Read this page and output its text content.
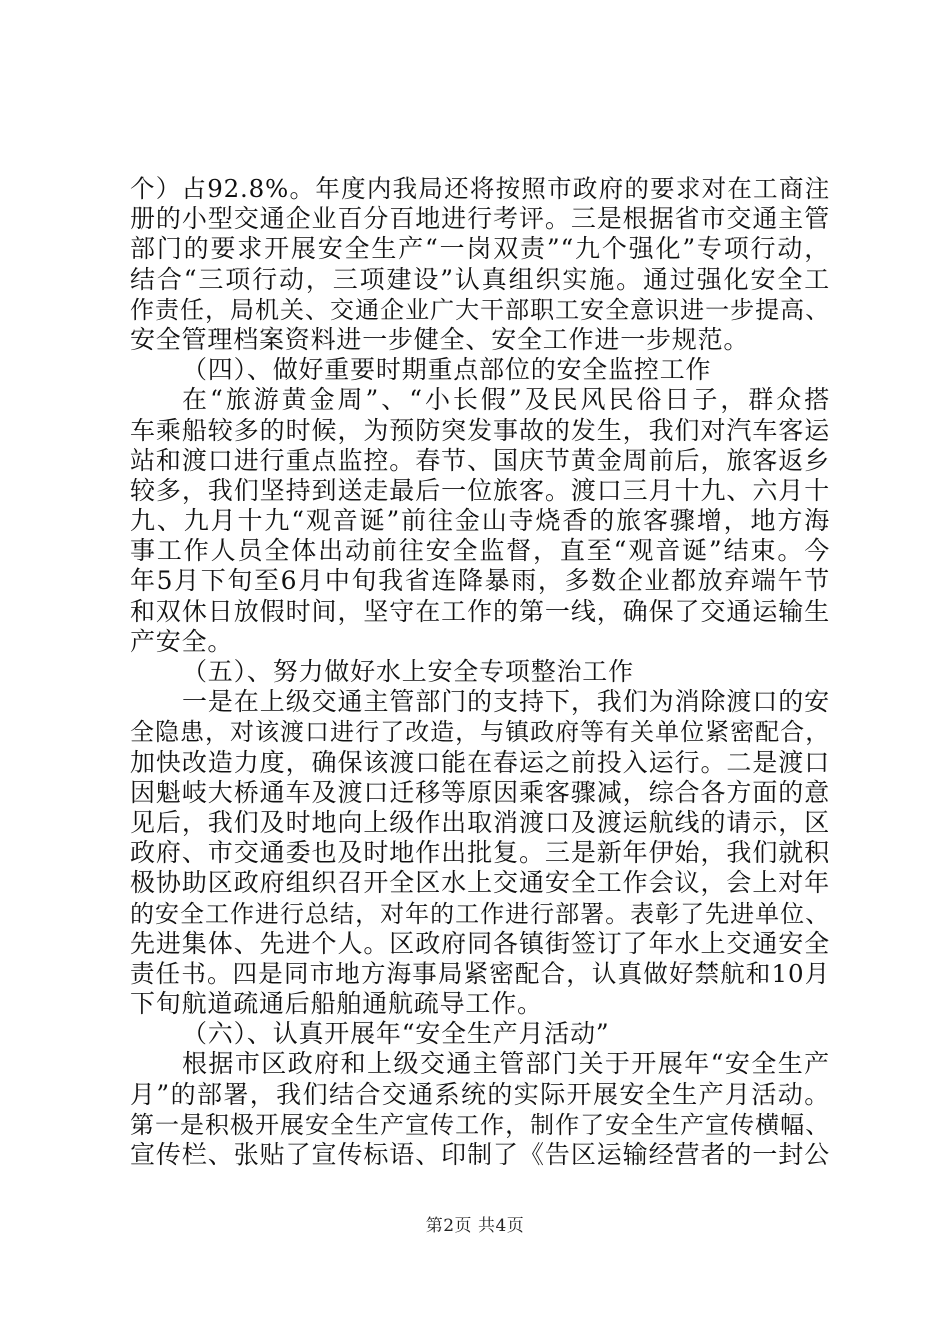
个）占92.8%。年度内我局还将按照市政府的要求对在工商注
册的小型交通企业百分百地进行考评。三是根据省市交通主管
部门的要求开展安全生产“一岗双责”“九个强化”专项行动，
结合“三项行动，三项建设”认真组织实施。通过强化安全工
作责任，局机关、交通企业广大干部职工安全意识进一步提高、
安全管理档案资料进一步健全、安全工作进一步规范。
（四）、做好重要时期重点部位的安全监控工作
在“旅游黄金周”、“小长假”及民风民俗日子，群众搭
车乘船较多的时候，为预防突发事故的发生，我们对汽车客运
站和渡口进行重点监控。春节、国庆节黄金周前后，旅客返乡
较多，我们坚持到送走最后一位旅客。渡口三月十九、六月十
九、九月十九“观音诞”前往金山寺烧香的旅客骤增，地方海
事工作人员全体出动前往安全监督，直至“观音诞”结束。今
年5月下旬至6月中旬我省连降暴雨，多数企业都放弃端午节
和双休日放假时间，坚守在工作的第一线，确保了交通运输生
产安全。
（五）、努力做好水上安全专项整治工作
一是在上级交通主管部门的支持下，我们为消除渡口的安
全隐患，对该渡口进行了改造，与镇政府等有关单位紧密配合，
加快改造力度，确保该渡口能在春运之前投入运行。二是渡口
因魁岐大桥通车及渡口迁移等原因乘客骤减，综合各方面的意
见后，我们及时地向上级作出取消渡口及渡运航线的请示，区
政府、市交通委也及时地作出批复。三是新年伊始，我们就积
极协助区政府组织召开全区水上交通安全工作会议，会上对年
的安全工作进行总结，对年的工作进行部署。表彰了先进单位、
先进集体、先进个人。区政府同各镇街签订了年水上交通安全
责任书。四是同市地方海事局紧密配合，认真做好禁航和10月
下旬航道疏通后船舶通航疏导工作。
（六）、认真开展年“安全生产月活动”
根据市区政府和上级交通主管部门关于开展年“安全生产
月”的部署，我们结合交通系统的实际开展安全生产月活动。
第一是积极开展安全生产宣传工作，制作了安全生产宣传横幅、
宣传栏、张贴了宣传标语、印制了《告区运输经营者的一封公
第2页 共4页
